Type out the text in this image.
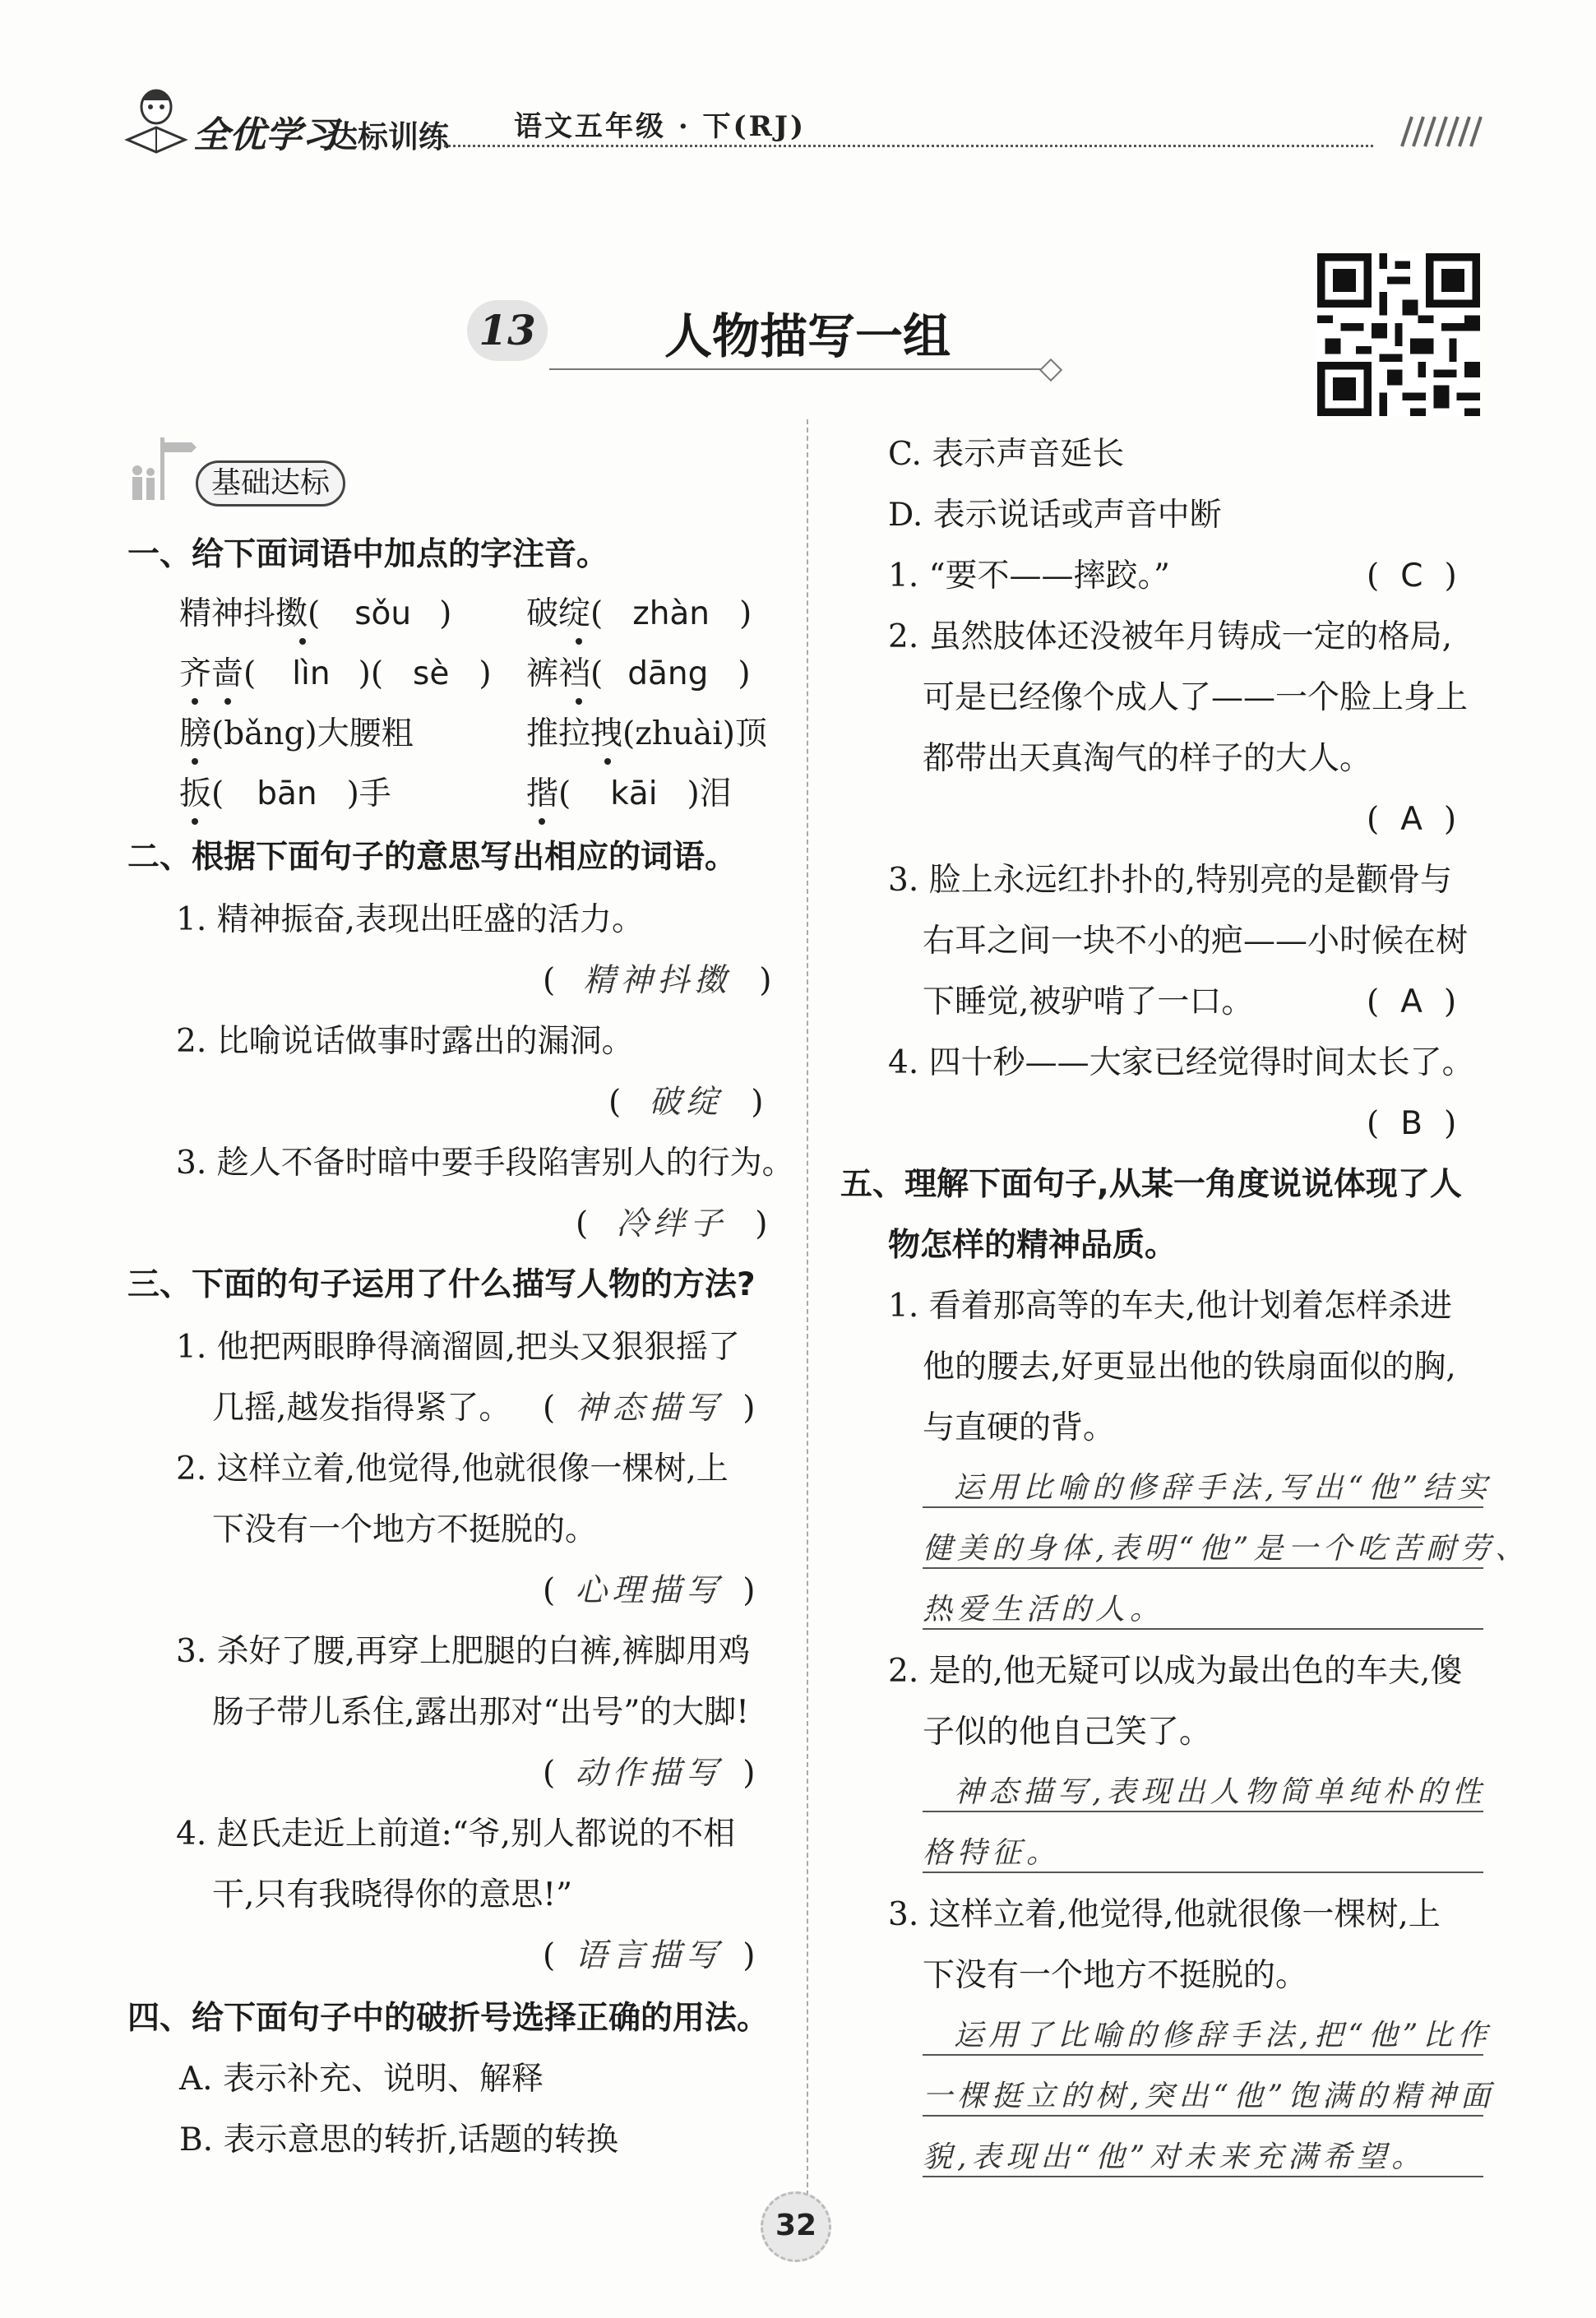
全优学习
达标训练 语文五年级 · 下(RJ)
13	人物描写一组
基础达标
一、给下面词语中加点的字注音。
精神抖擞( sǒu ) 破绽( zhàn )
齐啬( lìn )( sè ) 裤裆( dāng )
膀(bǎng)大腰粗	推拉拽(zhuài)顶
扳( bān )手	揩( kāi )泪
二、根据下面句子的意思写出相应的词语。
1. 精神振奋,表现出旺盛的活力。
( 精神抖擞 )
2. 比喻说话做事时露出的漏洞。
( 破绽 )
3. 趁人不备时暗中要手段陷害别人的行为。
( 冷绊子 )
三、下面的句子运用了什么描写人物的方法?
1. 他把两眼睁得滴溜圆,把头又狠狠摇了
几摇,越发指得紧了。 ( 神态描写 )
2. 这样立着,他觉得,他就很像一棵树,上
下没有一个地方不挺脱的。
( 心理描写 )
3. 杀好了腰,再穿上肥腿的白裤,裤脚用鸡
肠子带儿系住,露出那对“出号”的大脚!
( 动作描写 )
4. 赵氏走近上前道:“爷,别人都说的不相
干,只有我晓得你的意思!”
( 语言描写 )
四、给下面句子中的破折号选择正确的用法。
A. 表示补充、说明、解释
B. 表示意思的转折,话题的转换
C. 表示声音延长
D. 表示说话或声音中断
1. “要不——摔跤。”	( C )
2. 虽然肢体还没被年月铸成一定的格局,
可是已经像个成人了——一个脸上身上
都带出天真淘气的样子的大人。
( A )
3. 脸上永远红扑扑的,特别亮的是颧骨与
右耳之间一块不小的疤——小时候在树
下睡觉,被驴啃了一口。	( A )
4. 四十秒——大家已经觉得时间太长了。
( B )
五、理解下面句子,从某一角度说说体现了人
物怎样的精神品质。
1. 看着那高等的车夫,他计划着怎样杀进
他的腰去,好更显出他的铁扇面似的胸,
与直硬的背。
运用比喻的修辞手法,写出“他”结实
健美的身体,表明“他”是一个吃苦耐劳、
热爱生活的人。
2. 是的,他无疑可以成为最出色的车夫,傻
子似的他自己笑了。
神态描写,表现出人物简单纯朴的性
格特征。
3. 这样立着,他觉得,他就很像一棵树,上
下没有一个地方不挺脱的。
运用了比喻的修辞手法,把“他”比作
一棵挺立的树,突出“他”饱满的精神面
貌,表现出“他”对未来充满希望。
32
